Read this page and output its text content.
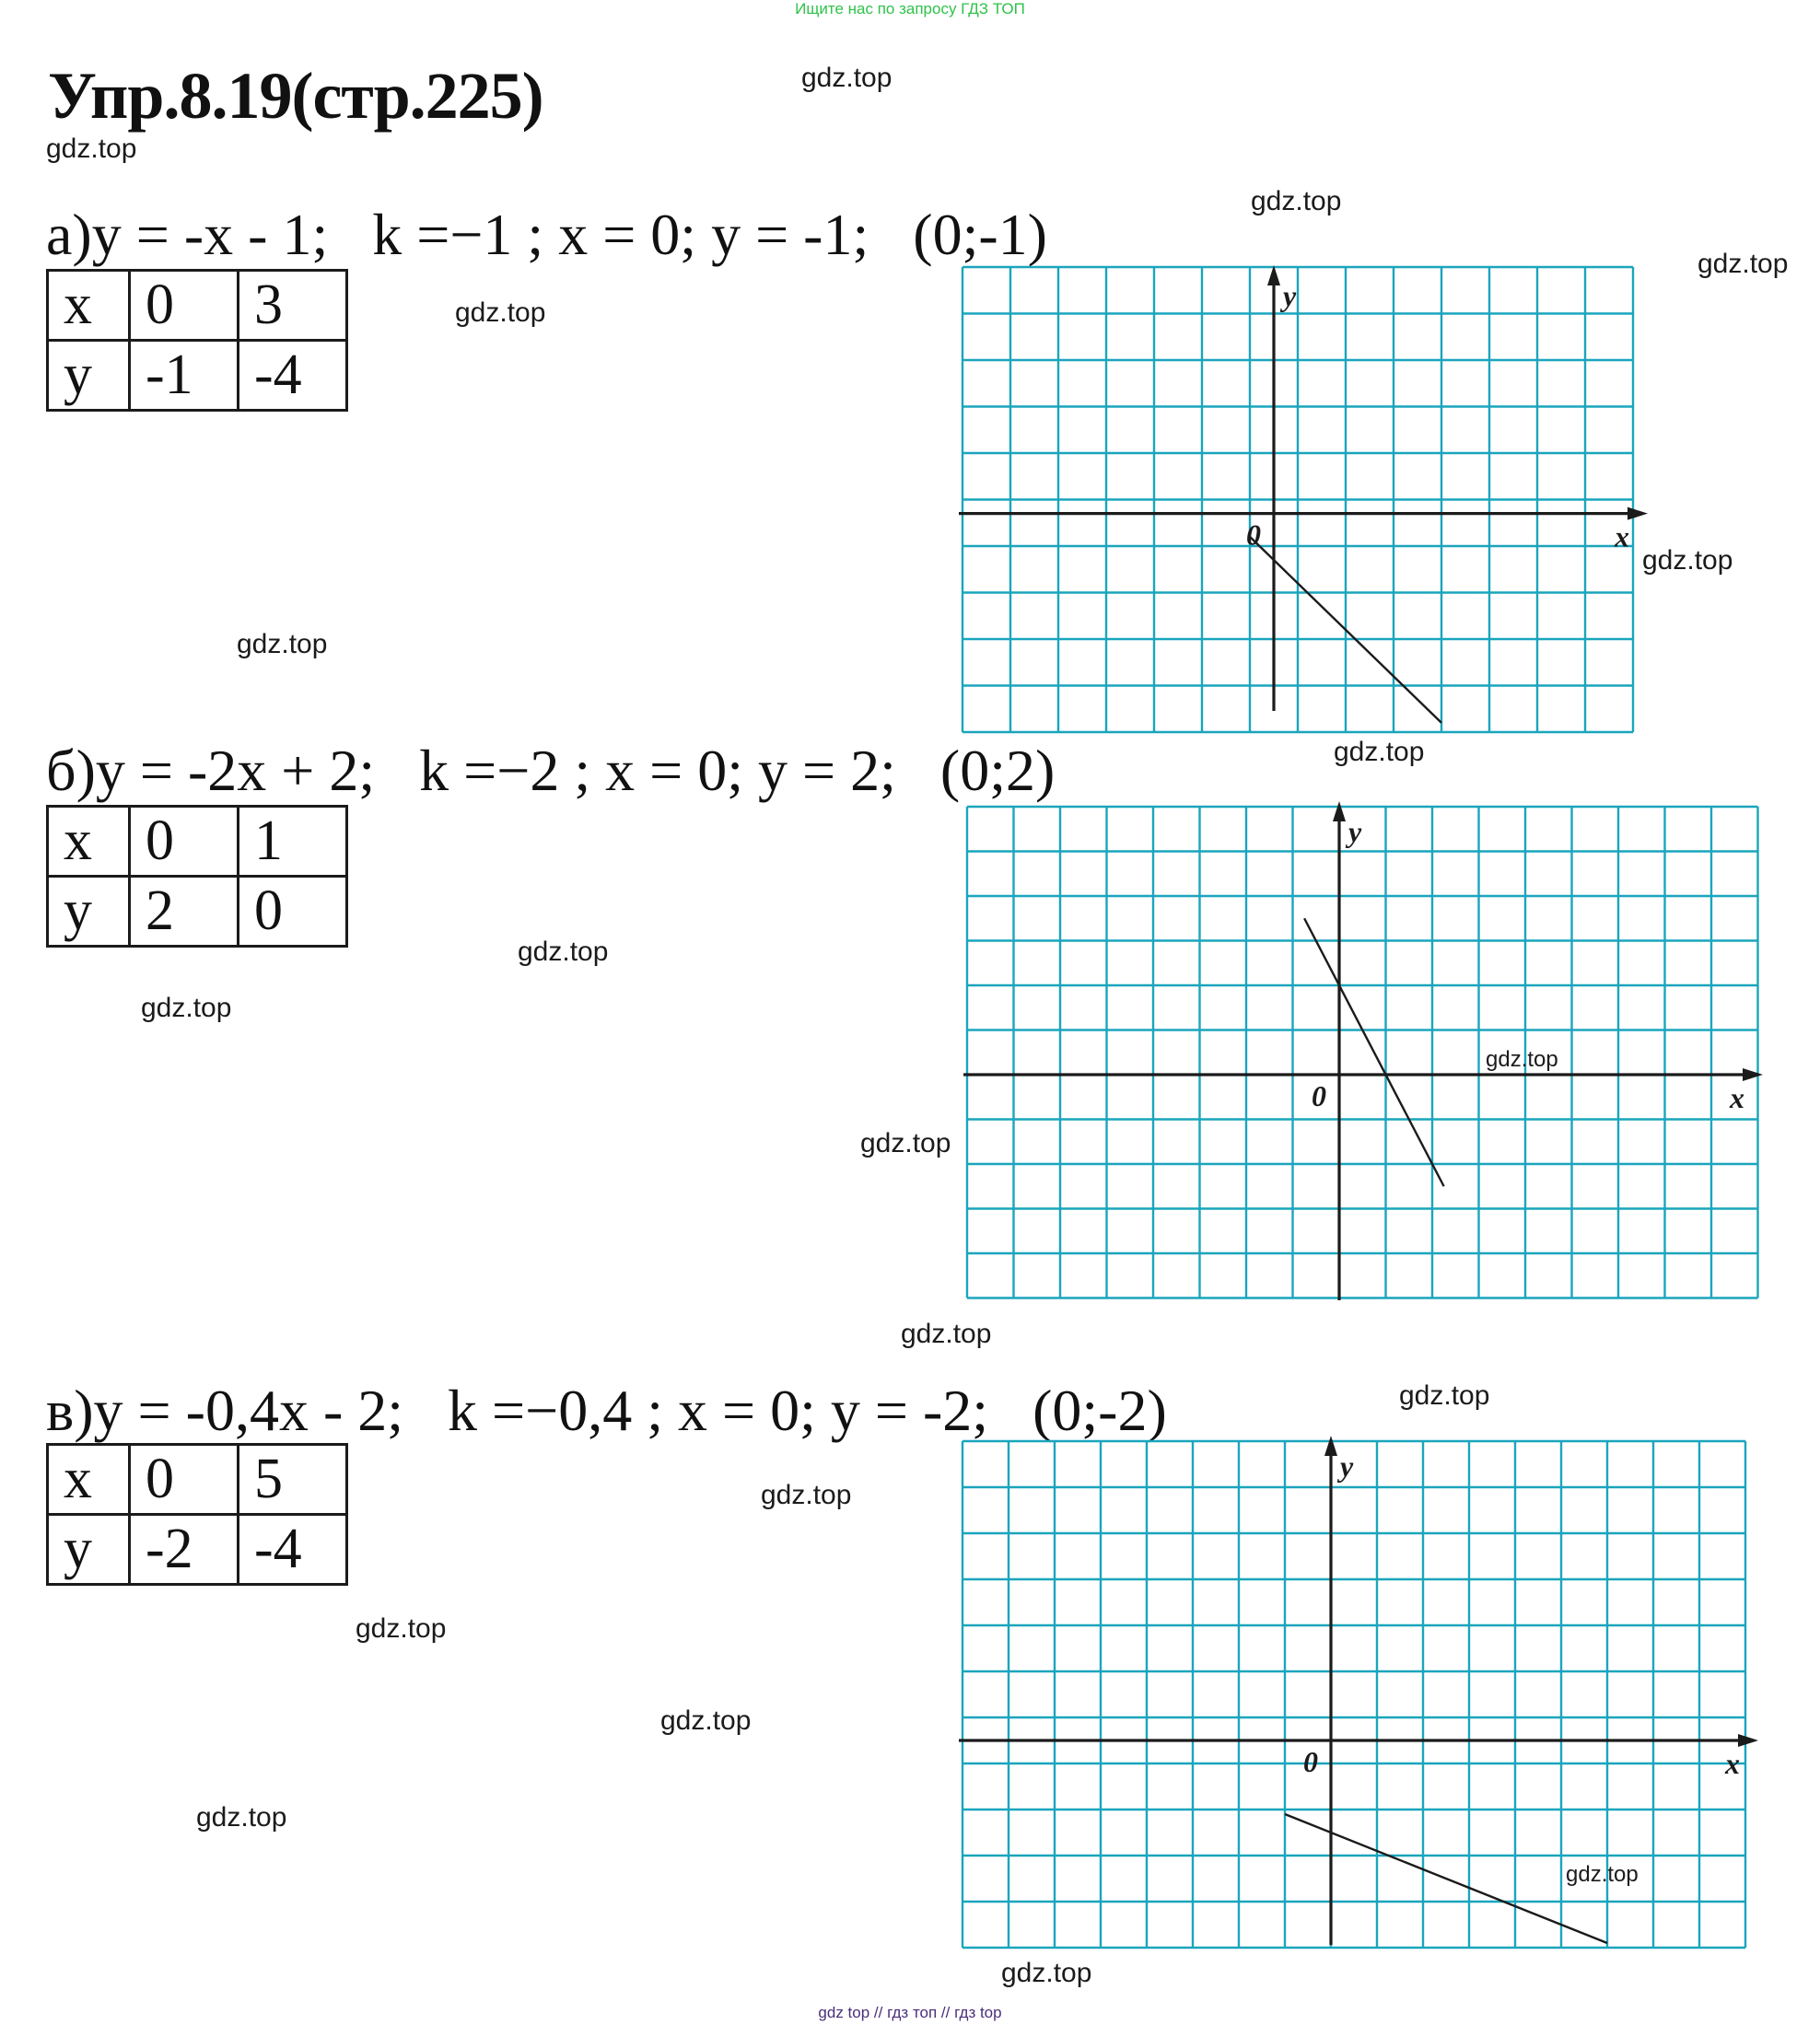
Ищите нас по запросу ГДЗ ТОП
Упр.8.19(стр.225)
а)y = -x - 1;   k =−1 ; x = 0; y = -1;   (0;-1)
x	0	3
y	-1	-4
x
y
0
б)y = -2x + 2;   k =−2 ; x = 0; y = 2;   (0;2)
x	0	1
y	2	0
x
y
0
в)y = -0,4x - 2;   k =−0,4 ; x = 0; y = -2;   (0;-2)
x	0	5
y	-2	-4
x
y
0
gdz.top
gdz.top
gdz.top
gdz.top
gdz.top
gdz.top
gdz.top
gdz.top
gdz.top
gdz.top
gdz.top
gdz.top
gdz.top
gdz.top
gdz.top
gdz.top
gdz.top
gdz.top
gdz.top
gdz.top
gdz top // гдз топ // гдз top
